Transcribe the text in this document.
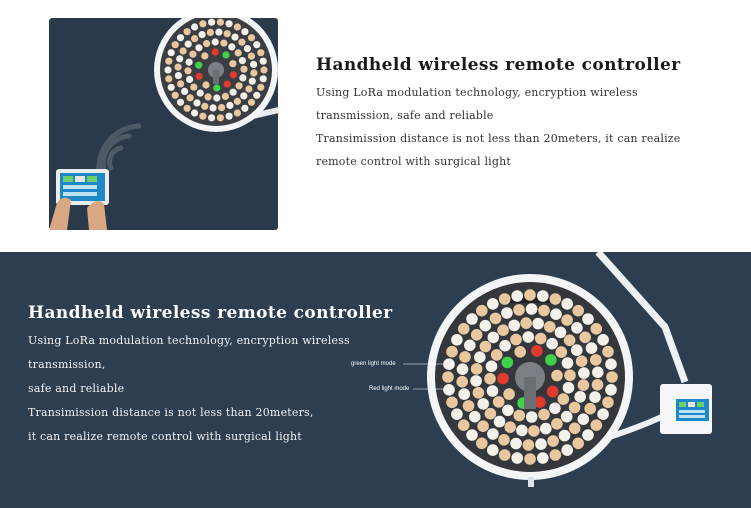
Handheld wireless remote controller
Using LoRa modulation technology, encryption wireless
transmission, safe and reliable
Transimission distance is not less than 20meters, it can realize
remote control with surgical light
Handheld wireless remote controller
Using LoRa modulation technology, encryption wireless transmission,
safe and reliable
Transimission distance is not less than 20meters,
it can realize remote control with surgical light
green light mode
Red light mode
